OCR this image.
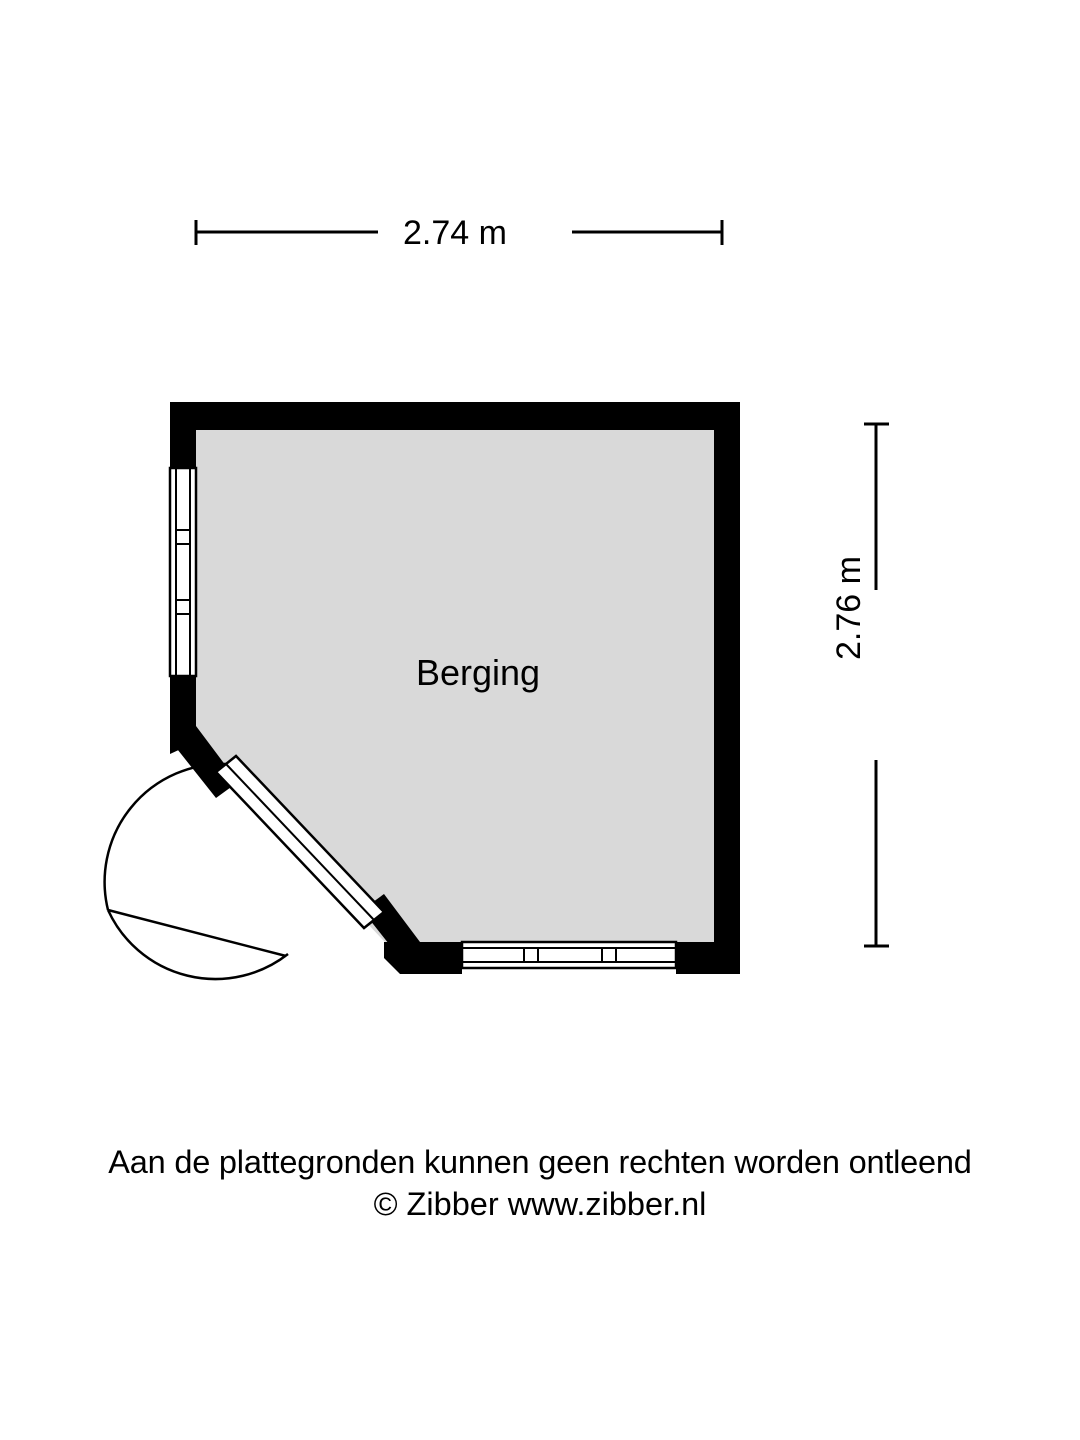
2.74 m
2.76 m
Berging
Aan de plattegronden kunnen geen rechten worden ontleend
© Zibber www.zibber.nl
